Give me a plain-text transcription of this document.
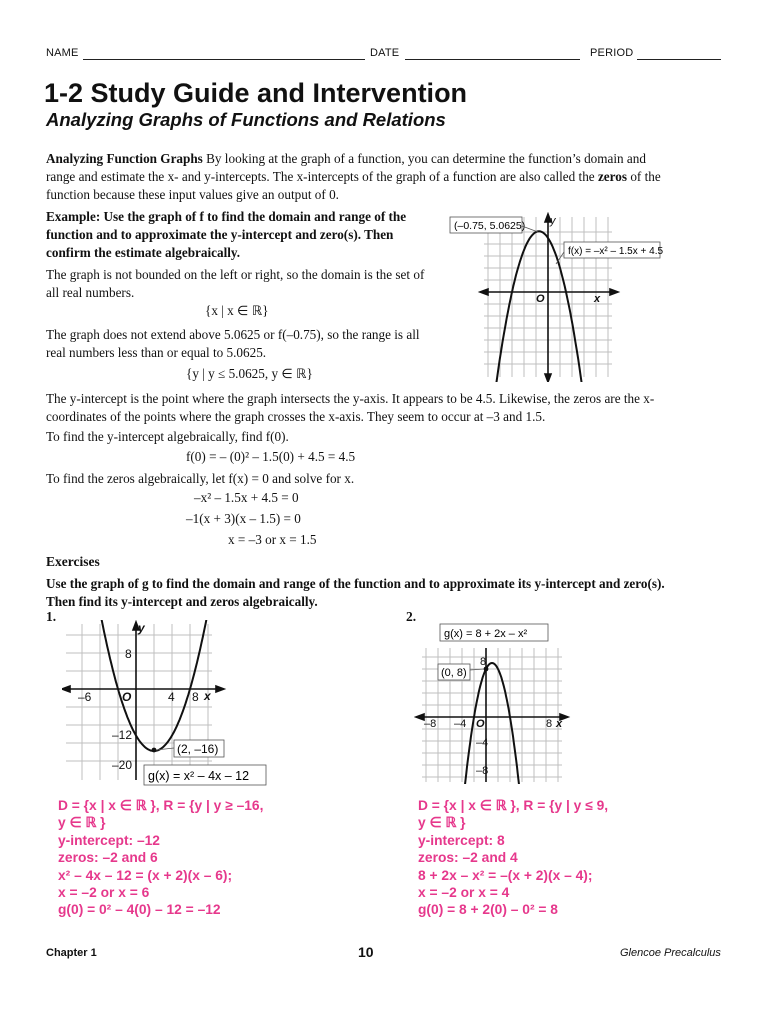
NAME	DATE	PERIOD
1-2 Study Guide and Intervention
Analyzing Graphs of Functions and Relations
Analyzing Function Graphs By looking at the graph of a function, you can determine the function’s domain and
range and estimate the x- and y-intercepts. The x-intercepts of the graph of a function are also called the zeros of the
function because these input values give an output of 0.
Example: Use the graph of f to find the domain and range of the
function and to approximate the y-intercept and zero(s). Then
confirm the estimate algebraically.
y
x
O
(–0.75, 5.0625)
f(x) = –x² – 1.5x + 4.5
The graph is not bounded on the left or right, so the domain is the set of
all real numbers.
{x | x ∈ ℝ}
The graph does not extend above 5.0625 or f(–0.75), so the range is all
real numbers less than or equal to 5.0625.
{y | y ≤ 5.0625, y ∈ ℝ}
The y-intercept is the point where the graph intersects the y-axis. It appears to be 4.5. Likewise, the zeros are the x-
coordinates of the points where the graph crosses the x-axis. They seem to occur at –3 and 1.5.
To find the y-intercept algebraically, find f(0).
f(0) = – (0)² – 1.5(0) + 4.5 = 4.5
To find the zeros algebraically, let f(x) = 0 and solve for x.
–x² – 1.5x + 4.5 = 0
–1(x + 3)(x – 1.5) = 0
x = –3 or x = 1.5
Exercises
Use the graph of g to find the domain and range of the function and to approximate its y-intercept and zero(s).
Then find its y-intercept and zeros algebraically.
1.	2.
y
x
O
–6	4 8
8
–12
–20
(2, –16)
g(x) = x² – 4x – 12
x
O
–8 –4	8
8
–4
–8
g(x) = 8 + 2x – x²
(0, 8)
D = {x | x ∈ ℝ }, R = {y | y ≥ –16,
y ∈ ℝ }
y-intercept: –12
zeros: –2 and 6
x² – 4x – 12 = (x + 2)(x – 6);
x = –2 or x = 6
g(0) = 0² – 4(0) – 12 = –12
D = {x | x ∈ ℝ }, R = {y | y ≤ 9,
y ∈ ℝ }
y-intercept: 8
zeros: –2 and 4
8 + 2x – x² = –(x + 2)(x – 4);
x = –2 or x = 4
g(0) = 8 + 2(0) – 0² = 8
Chapter 1	10	Glencoe Precalculus
